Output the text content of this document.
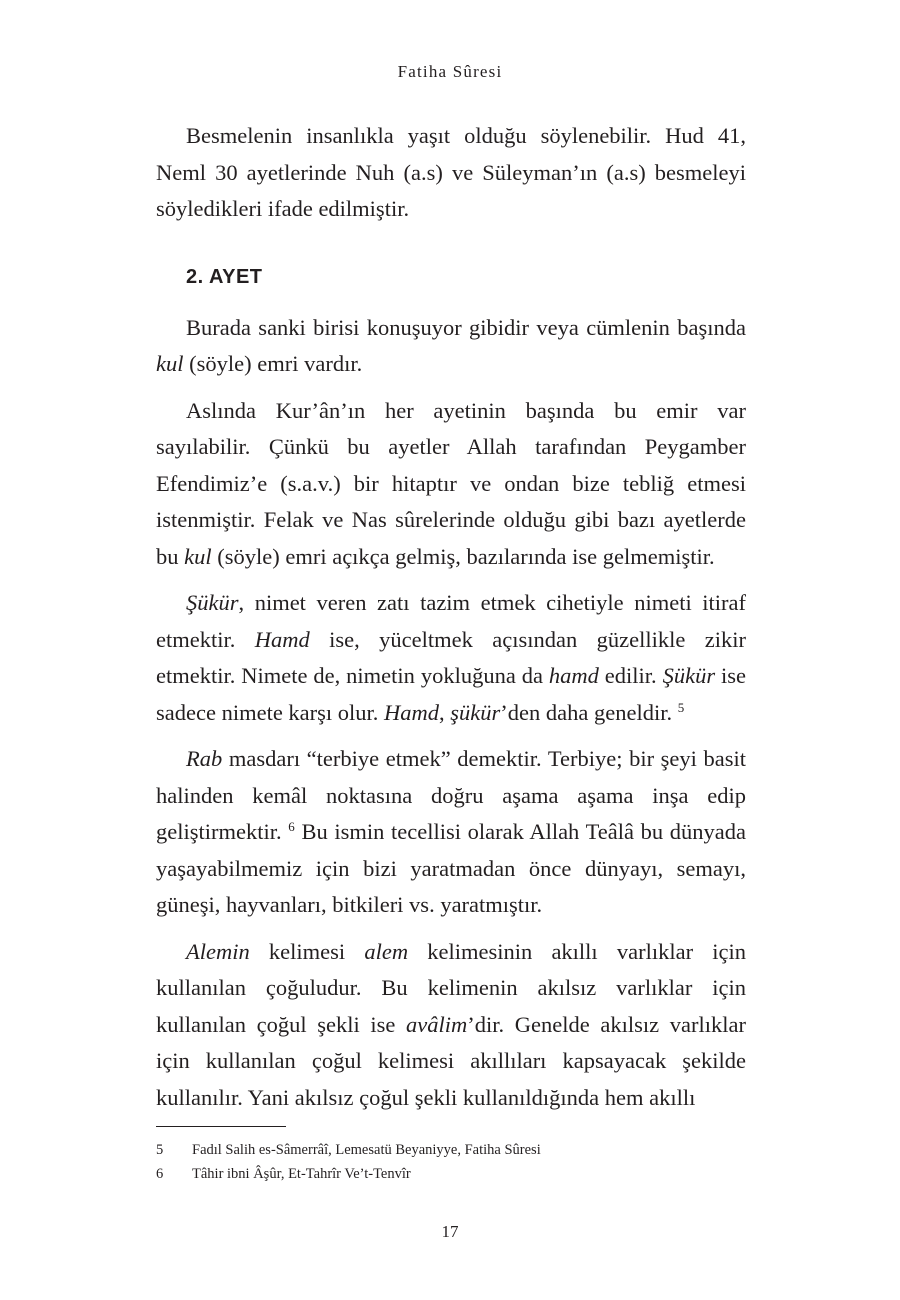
Fatiha Sûresi

Besmelenin insanlıkla yaşıt olduğu söylenebilir. Hud 41, Neml 30 ayetlerinde Nuh (a.s) ve Süleyman’ın (a.s) besmeleyi söyledikleri ifade edilmiştir.

2. AYET

Burada sanki birisi konuşuyor gibidir veya cümlenin başında kul (söyle) emri vardır.

Aslında Kur’ân’ın her ayetinin başında bu emir var sayılabilir. Çünkü bu ayetler Allah tarafından Peygamber Efendimiz’e (s.a.v.) bir hitaptır ve ondan bize tebliğ etmesi istenmiştir. Felak ve Nas sûrelerinde olduğu gibi bazı ayetlerde bu kul (söyle) emri açıkça gelmiş, bazılarında ise gelmemiştir.

Şükür, nimet veren zatı tazim etmek cihetiyle nimeti itiraf etmektir. Hamd ise, yüceltmek açısından güzellikle zikir etmektir. Nimete de, nimetin yokluğuna da hamd edilir. Şükür ise sadece nimete karşı olur. Hamd, şükür’den daha geneldir. $^5$

Rab masdarı “terbiye etmek” demektir. Terbiye; bir şeyi basit halinden kemâl noktasına doğru aşama aşama inşa edip geliştirmektir. $^6$ Bu ismin tecellisi olarak Allah Teâlâ bu dünyada yaşayabilmemiz için bizi yaratmadan önce dünyayı, semayı, güneşi, hayvanları, bitkileri vs. yaratmıştır.

Alemin kelimesi alem kelimesinin akıllı varlıklar için kullanılan çoğuludur. Bu kelimenin akılsız varlıklar için kullanılan çoğul şekli ise avâlim’dir. Genelde akılsız varlıklar için kullanılan çoğul kelimesi akıllıları kapsayacak şekilde kullanılır. Yani akılsız çoğul şekli kullanıldığında hem akıllı

5	Fadıl Salih es-Sâmerrâî, Lemesatü Beyaniyye, Fatiha Sûresi
6	Tâhir ibni Âşûr, Et-Tahrîr Ve’t-Tenvîr
17
